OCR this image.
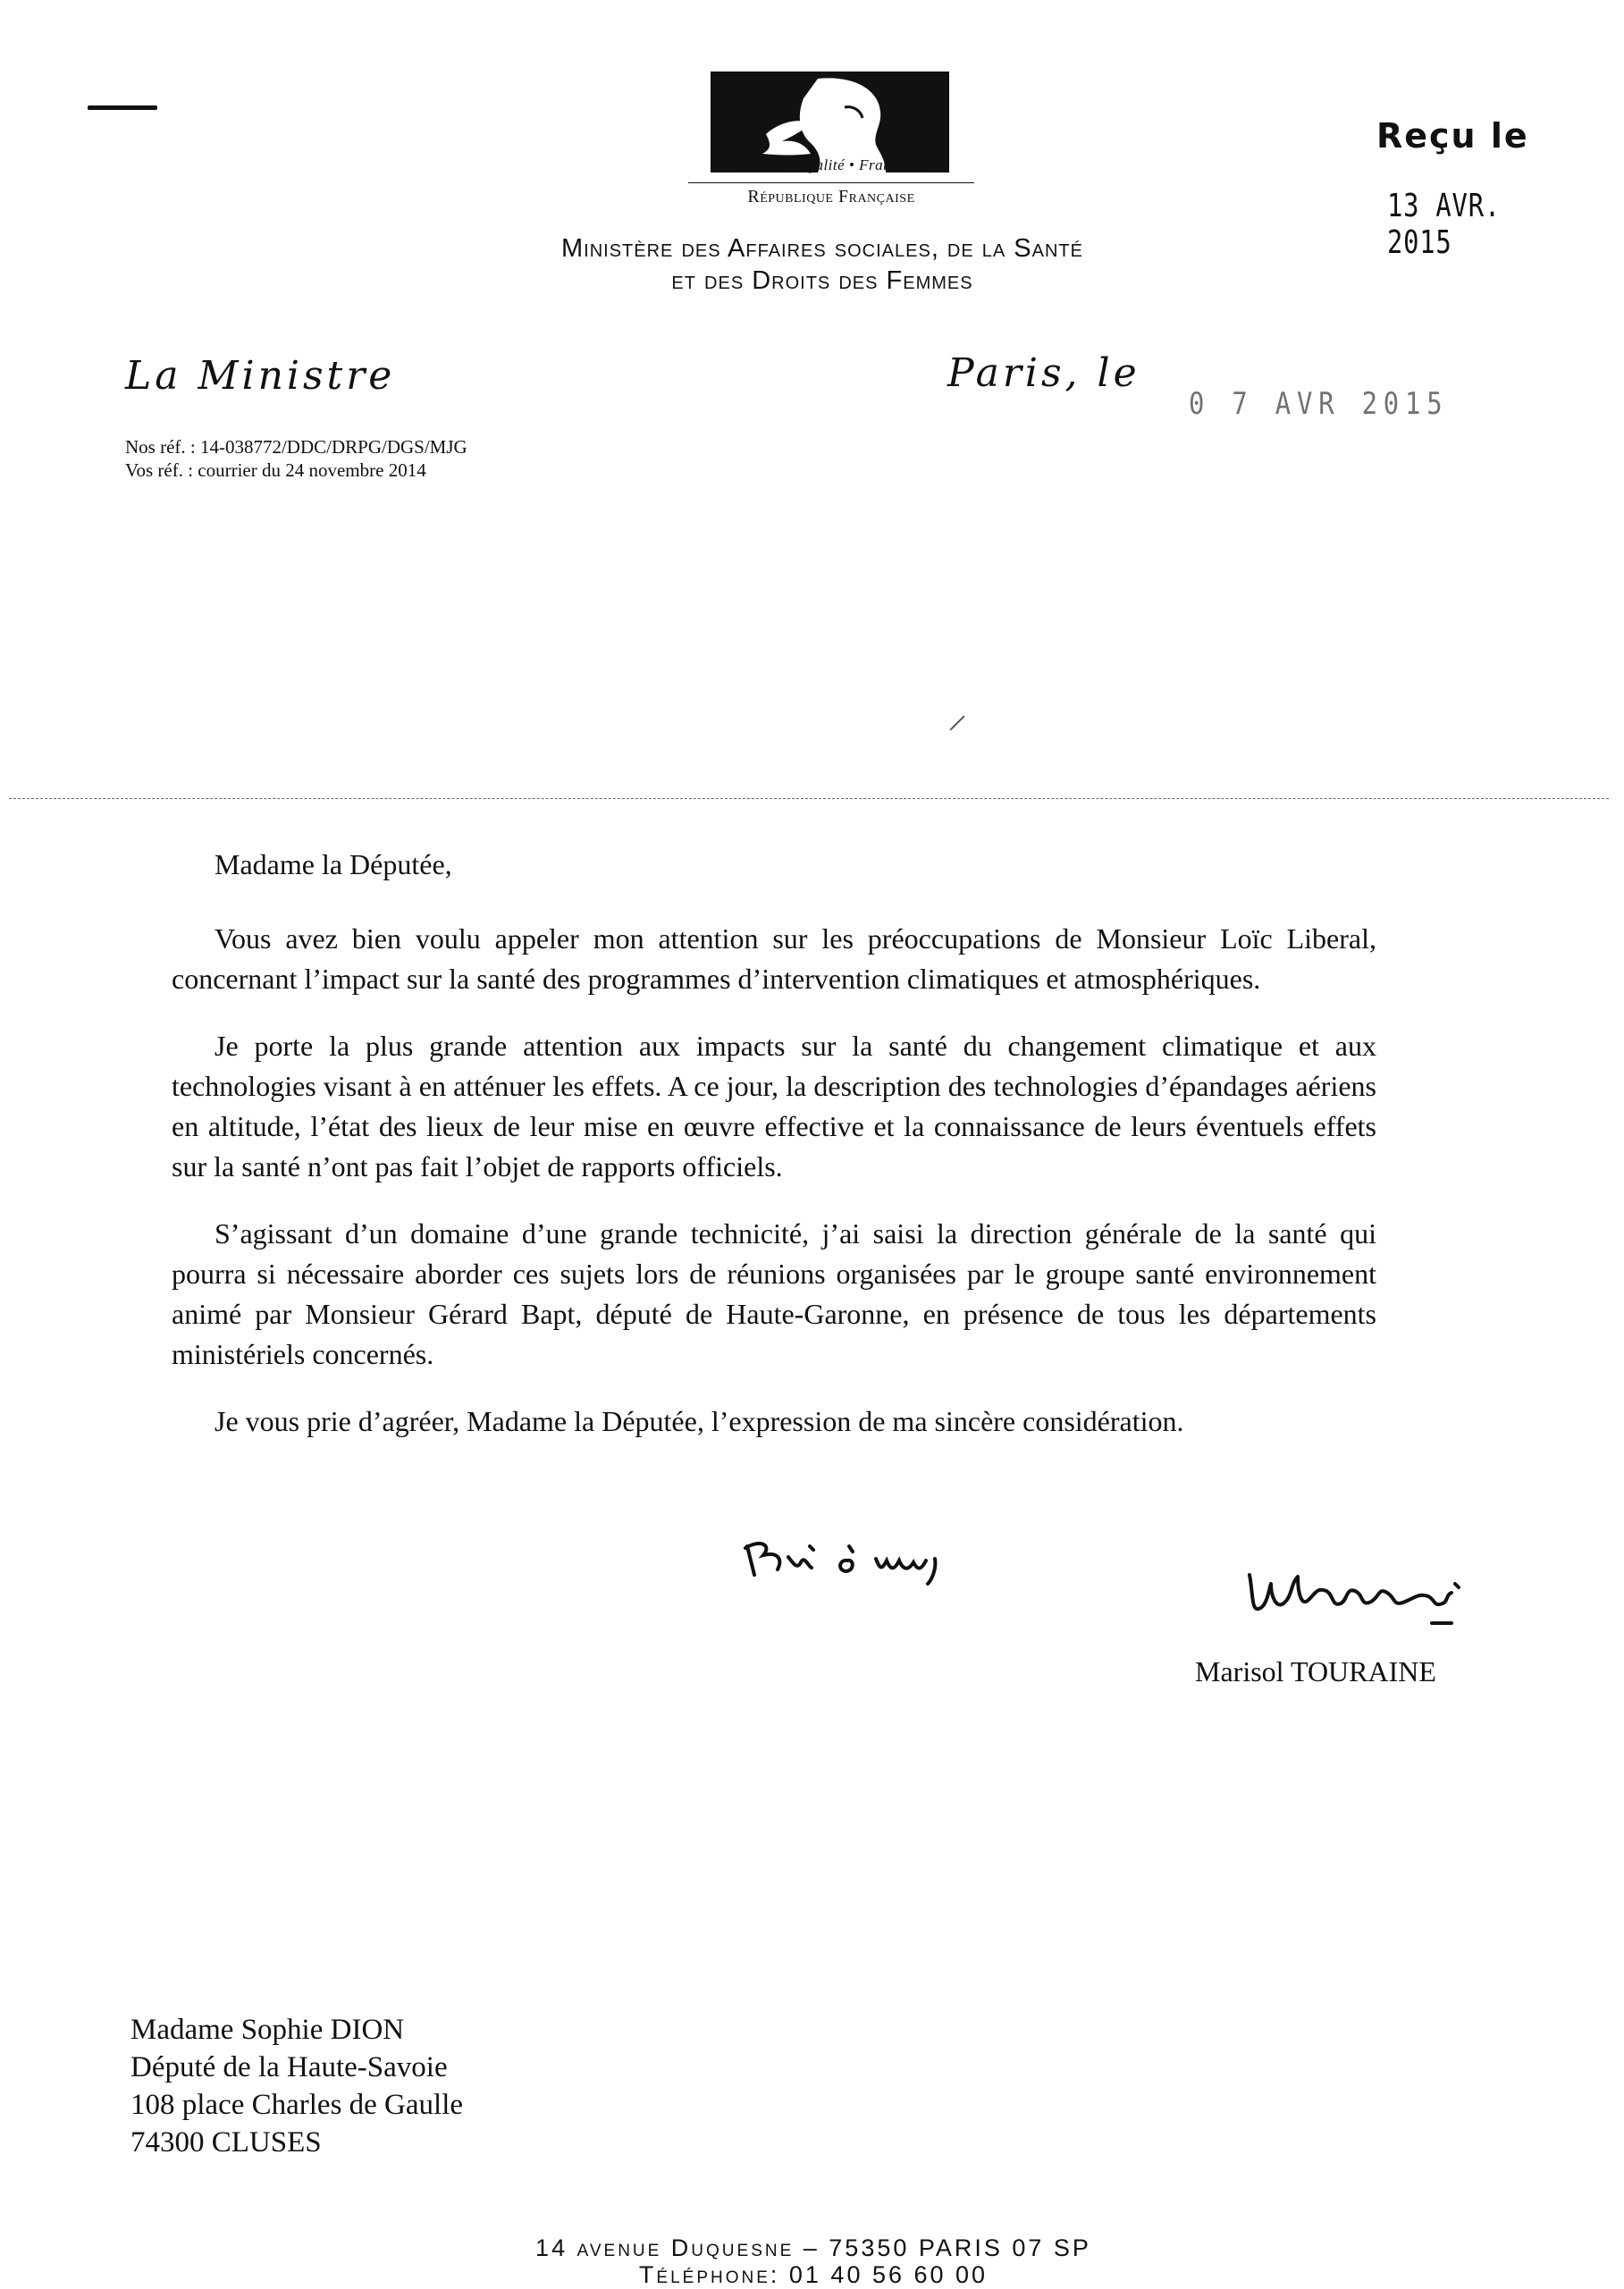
Liberté • Égalité • Fraternité
République Française
Ministère des Affaires sociales, de la Santé
et des Droits des Femmes
Reçu le
13 AVR. 2015
La Ministre	Paris, le
0 7 AVR 2015
Nos réf. : 14-038772/DDC/DRPG/DGS/MJG
Vos réf. : courrier du 24 novembre 2014

Madame la Députée,

Vous avez bien voulu appeler mon attention sur les préoccupations de Monsieur Loïc Liberal, concernant l’impact sur la santé des programmes d’intervention climatiques et atmosphériques.

Je porte la plus grande attention aux impacts sur la santé du changement climatique et aux technologies visant à en atténuer les effets. A ce jour, la description des technologies d’épandages aériens en altitude, l’état des lieux de leur mise en œuvre effective et la connaissance de leurs éventuels effets sur la santé n’ont pas fait l’objet de rapports officiels.

S’agissant d’un domaine d’une grande technicité, j’ai saisi la direction générale de la santé qui pourra si nécessaire aborder ces sujets lors de réunions organisées par le groupe santé environnement animé par Monsieur Gérard Bapt, député de Haute-Garonne, en présence de tous les départements ministériels concernés.

Je vous prie d’agréer, Madame la Députée, l’expression de ma sincère considération.

Marisol TOURAINE
Madame Sophie DION
Député de la Haute-Savoie
108 place Charles de Gaulle
74300 CLUSES
14 avenue Duquesne – 75350 PARIS 07 SP
Téléphone: 01 40 56 60 00
